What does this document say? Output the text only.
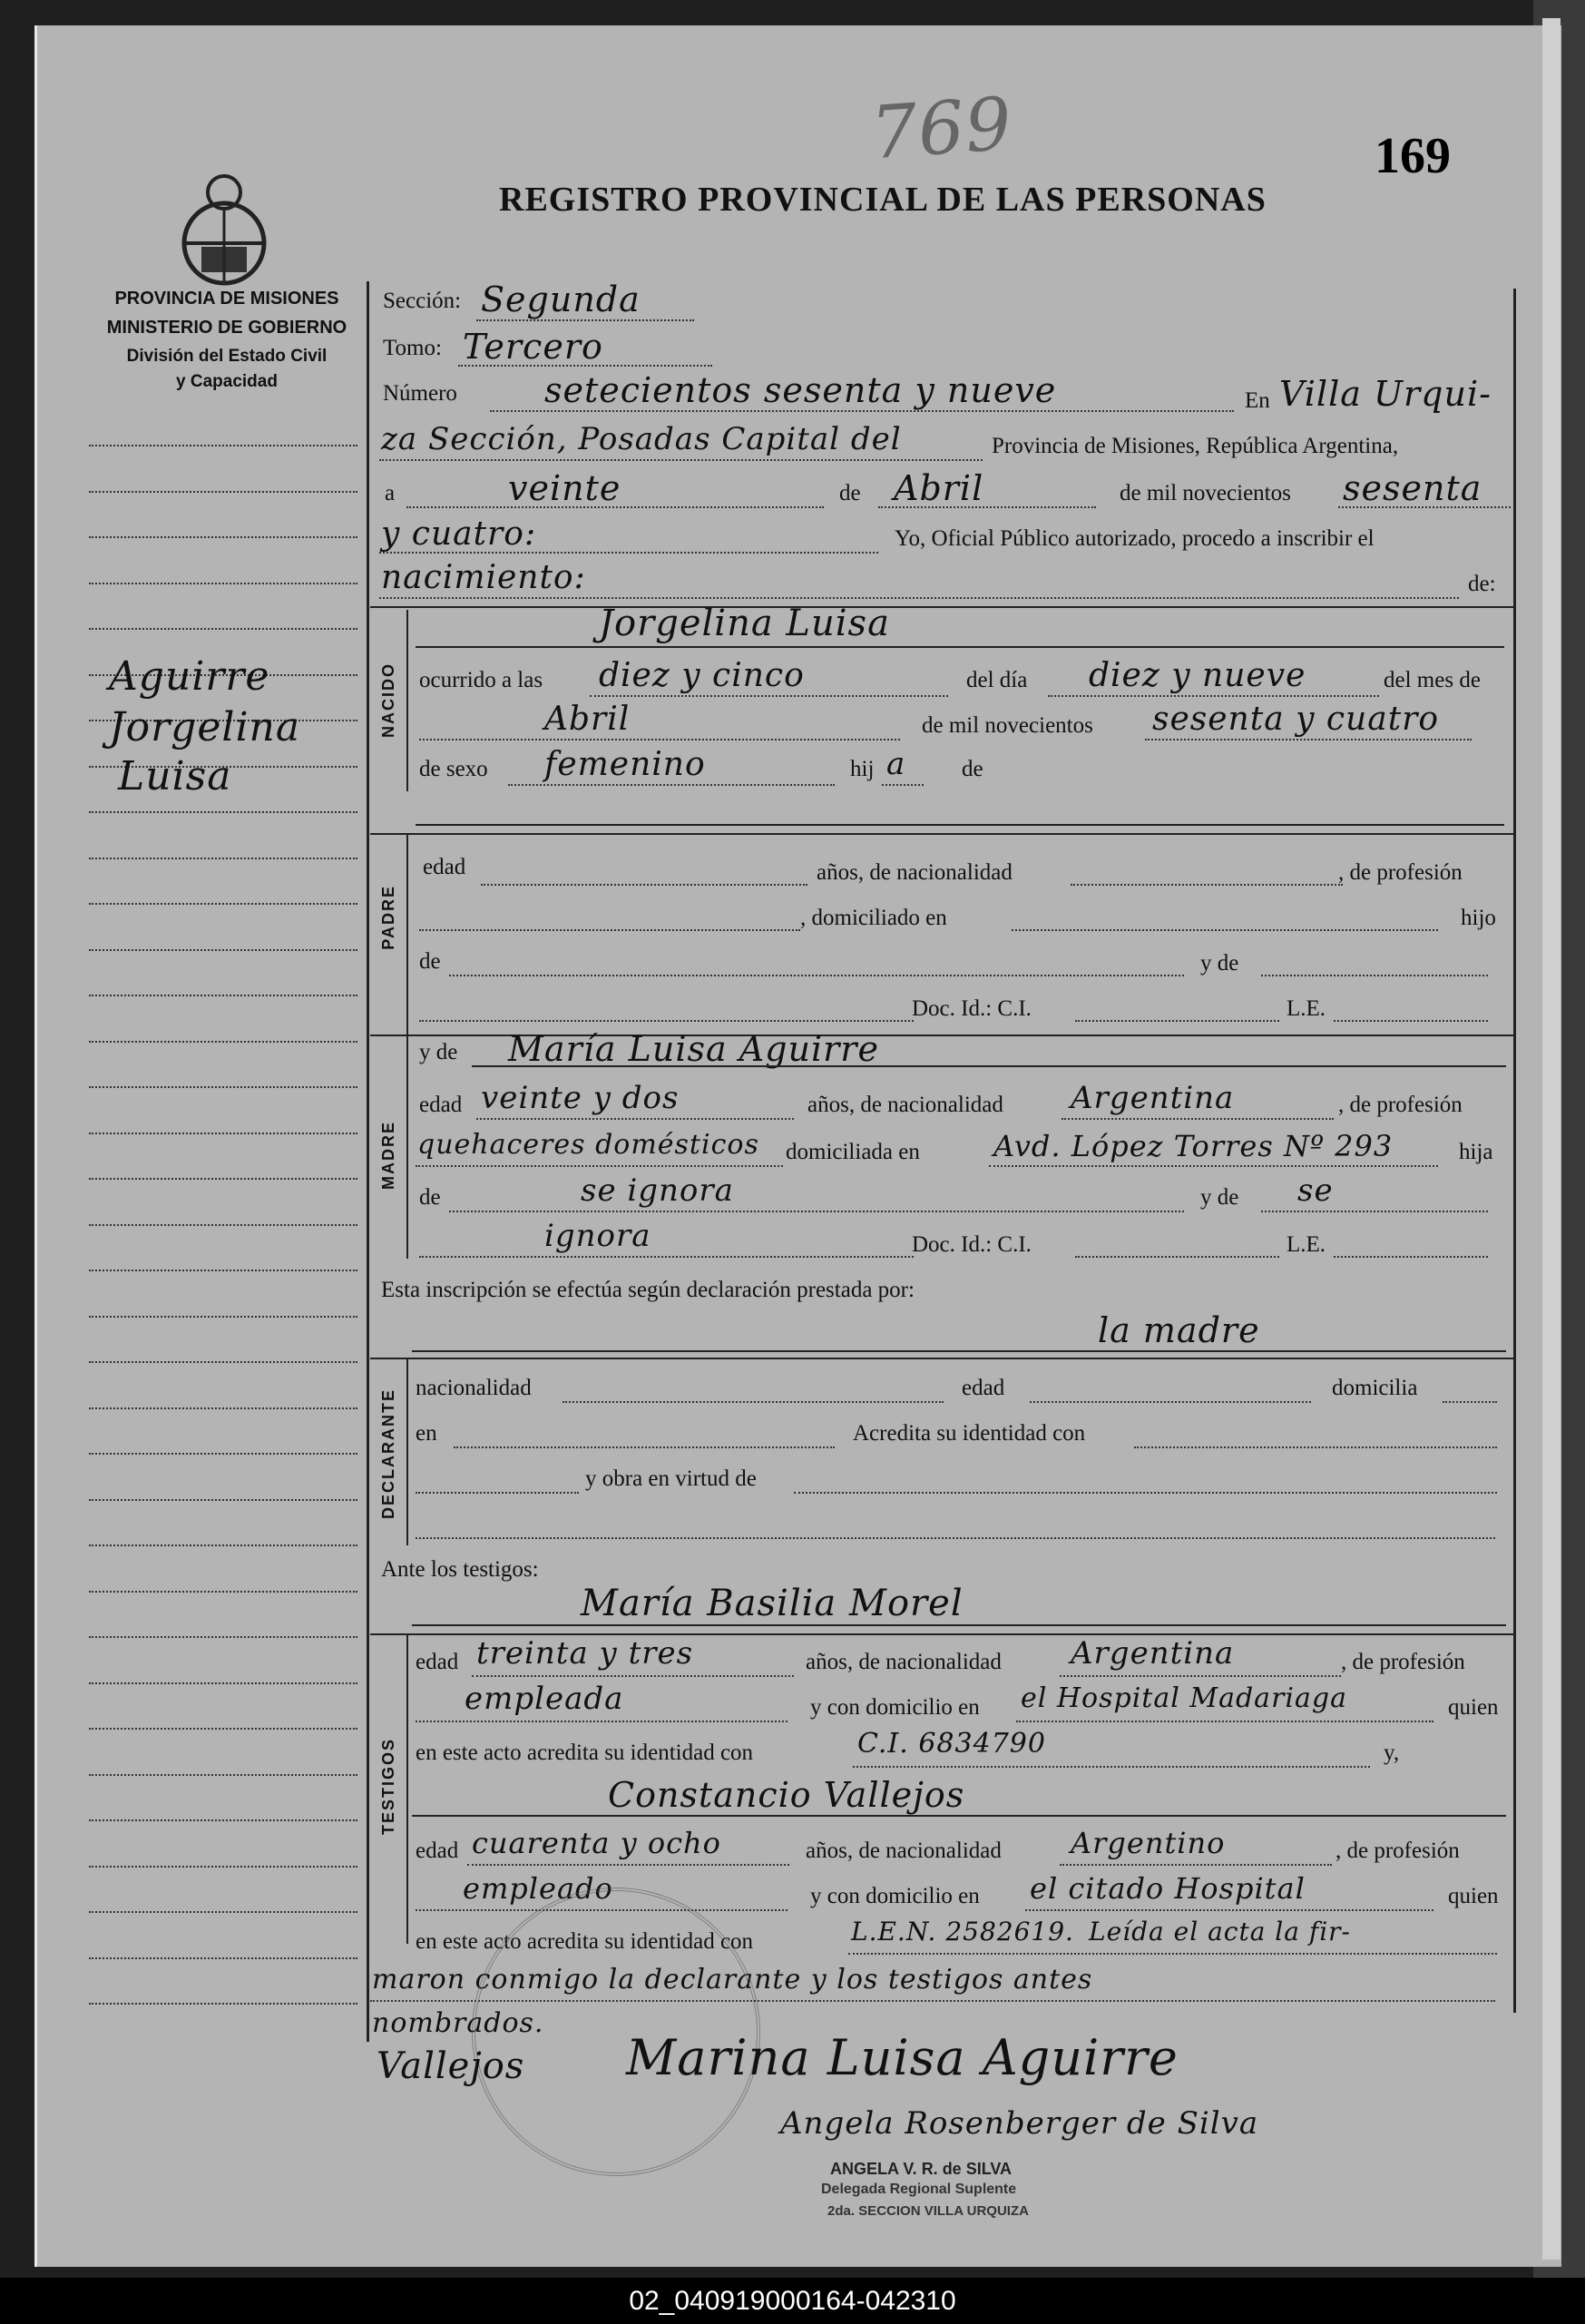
769	169
REGISTRO PROVINCIAL DE LAS PERSONAS
PROVINCIA DE MISIONES
MINISTERIO DE GOBIERNO
División del Estado Civil
y Capacidad
Aguirre
Jorgelina
Luisa
Sección: Segunda
Tomo: Tercero
Número	setecientos sesenta y nueve	En Villa Urqui-
za Sección, Posadas Capital del	Provincia de Misiones, República Argentina,
a	veinte	de Abril	de mil novecientos sesenta
y cuatro:	Yo, Oficial Público autorizado, procedo a inscribir el
nacimiento:	de:
NACIDO
Jorgelina Luisa
ocurrido a las diez y cinco	del día diez y nueve	del mes de
Abril	de mil novecientos sesenta y cuatro
de sexo femenino	hij a de
PADRE
edad	años, de nacionalidad	, de profesión
, domiciliado en	hijo
de	y de
Doc. Id.: C.I.	L.E.
MADRE
y de María Luisa Aguirre
edad veinte y dos	años, de nacionalidad Argentina	, de profesión
quehaceres domésticos domiciliada en	Avd. López Torres Nº 293	hija
de	se ignora	y de se
ignora	Doc. Id.: C.I.	L.E.
Esta inscripción se efectúa según declaración prestada por:
la madre
DECLARANTE
nacionalidad	edad	domicilia
en	Acredita su identidad con
y obra en virtud de
Ante los testigos:
María Basilia Morel
TESTIGOS
edad treinta y tres	años, de nacionalidad Argentina	, de profesión
empleada	y con domicilio en el Hospital Madariaga	quien
en este acto acredita su identidad con	C.I. 6834790	y,
Constancio Vallejos
edad cuarenta y ocho	años, de nacionalidad Argentino	, de profesión
empleado	y con domicilio en el citado Hospital	quien
en este acto acredita su identidad con	L.E.N. 2582619. Leída el acta la fir-
maron conmigo la declarante y los testigos antes
nombrados.
Vallejos Marina Luisa Aguirre
Angela Rosenberger de Silva
ANGELA V. R. de SILVA
Delegada Regional Suplente
2da. SECCION VILLA URQUIZA
02_040919000164-042310
